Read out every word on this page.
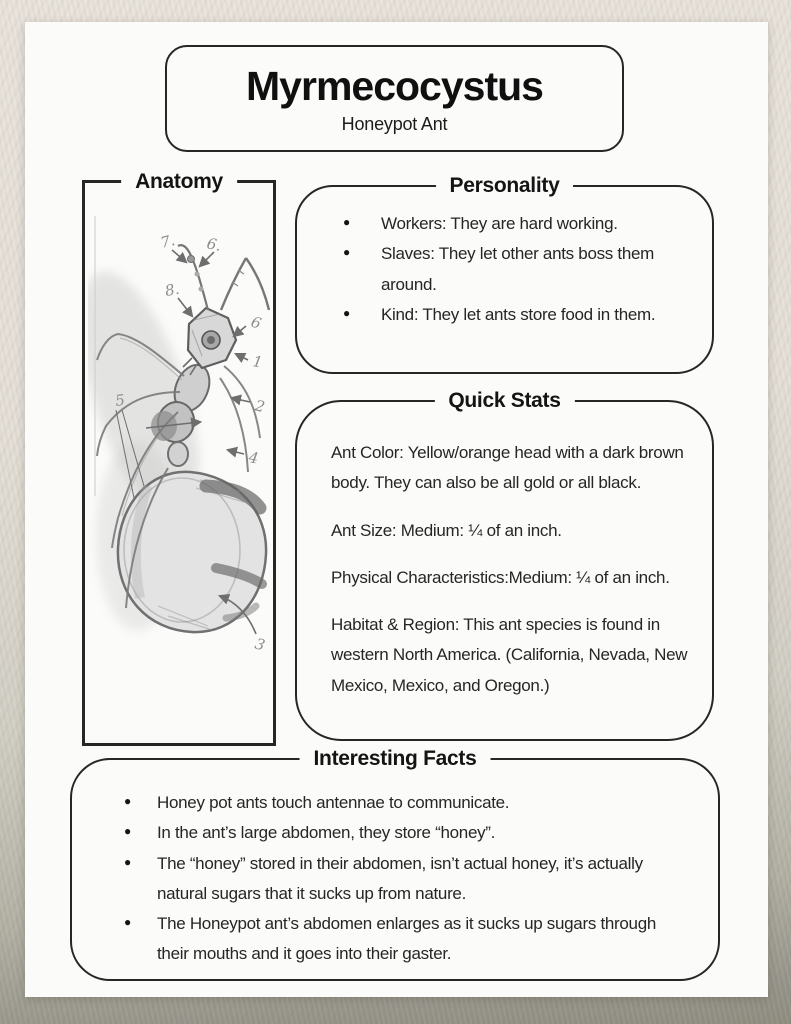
Myrmecocystus
Honeypot Ant
Anatomy
7. 6.
8.
6
1
2
4
5
3
Personality
● Workers: They are hard working.
● Slaves: They let other ants boss them around.
● Kind: They let ants store food in them.
Quick Stats

Ant Color: Yellow/orange head with a dark brown body. They can also be all gold or all black.

Ant Size: Medium: ¼ of an inch.

Physical Characteristics:Medium: ¼ of an inch.

Habitat & Region: This ant species is found in western North America. (California, Nevada, New Mexico, Mexico, and Oregon.)

Interesting Facts
● Honey pot ants touch antennae to communicate.
● In the ant’s large abdomen, they store “honey”.
● The “honey” stored in their abdomen, isn’t actual honey, it’s actually natural sugars that it sucks up from nature.
● The Honeypot ant’s abdomen enlarges as it sucks up sugars through their mouths and it goes into their gaster.
